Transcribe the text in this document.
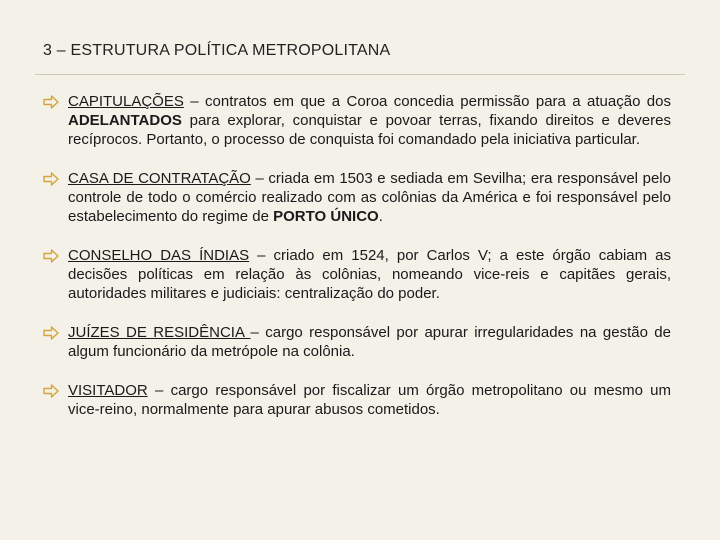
3 – ESTRUTURA POLÍTICA METROPOLITANA
CAPITULAÇÕES – contratos em que a Coroa concedia permissão para a atuação dos ADELANTADOS para explorar, conquistar e povoar terras, fixando direitos e deveres recíprocos. Portanto, o processo de conquista foi comandado pela iniciativa particular.
CASA DE CONTRATAÇÃO – criada em 1503 e sediada em Sevilha; era responsável pelo controle de todo o comércio realizado com as colônias da América e foi responsável pelo estabelecimento do regime de PORTO ÚNICO.
CONSELHO DAS ÍNDIAS – criado em 1524, por Carlos V; a este órgão cabiam as decisões políticas em relação às colônias, nomeando vice-reis e capitães gerais, autoridades militares e judiciais: centralização do poder.
JUÍZES DE RESIDÊNCIA – cargo responsável por apurar irregularidades na gestão de algum funcionário da metrópole na colônia.
VISITADOR – cargo responsável por fiscalizar um órgão metropolitano ou mesmo um vice-reino, normalmente para apurar abusos cometidos.
